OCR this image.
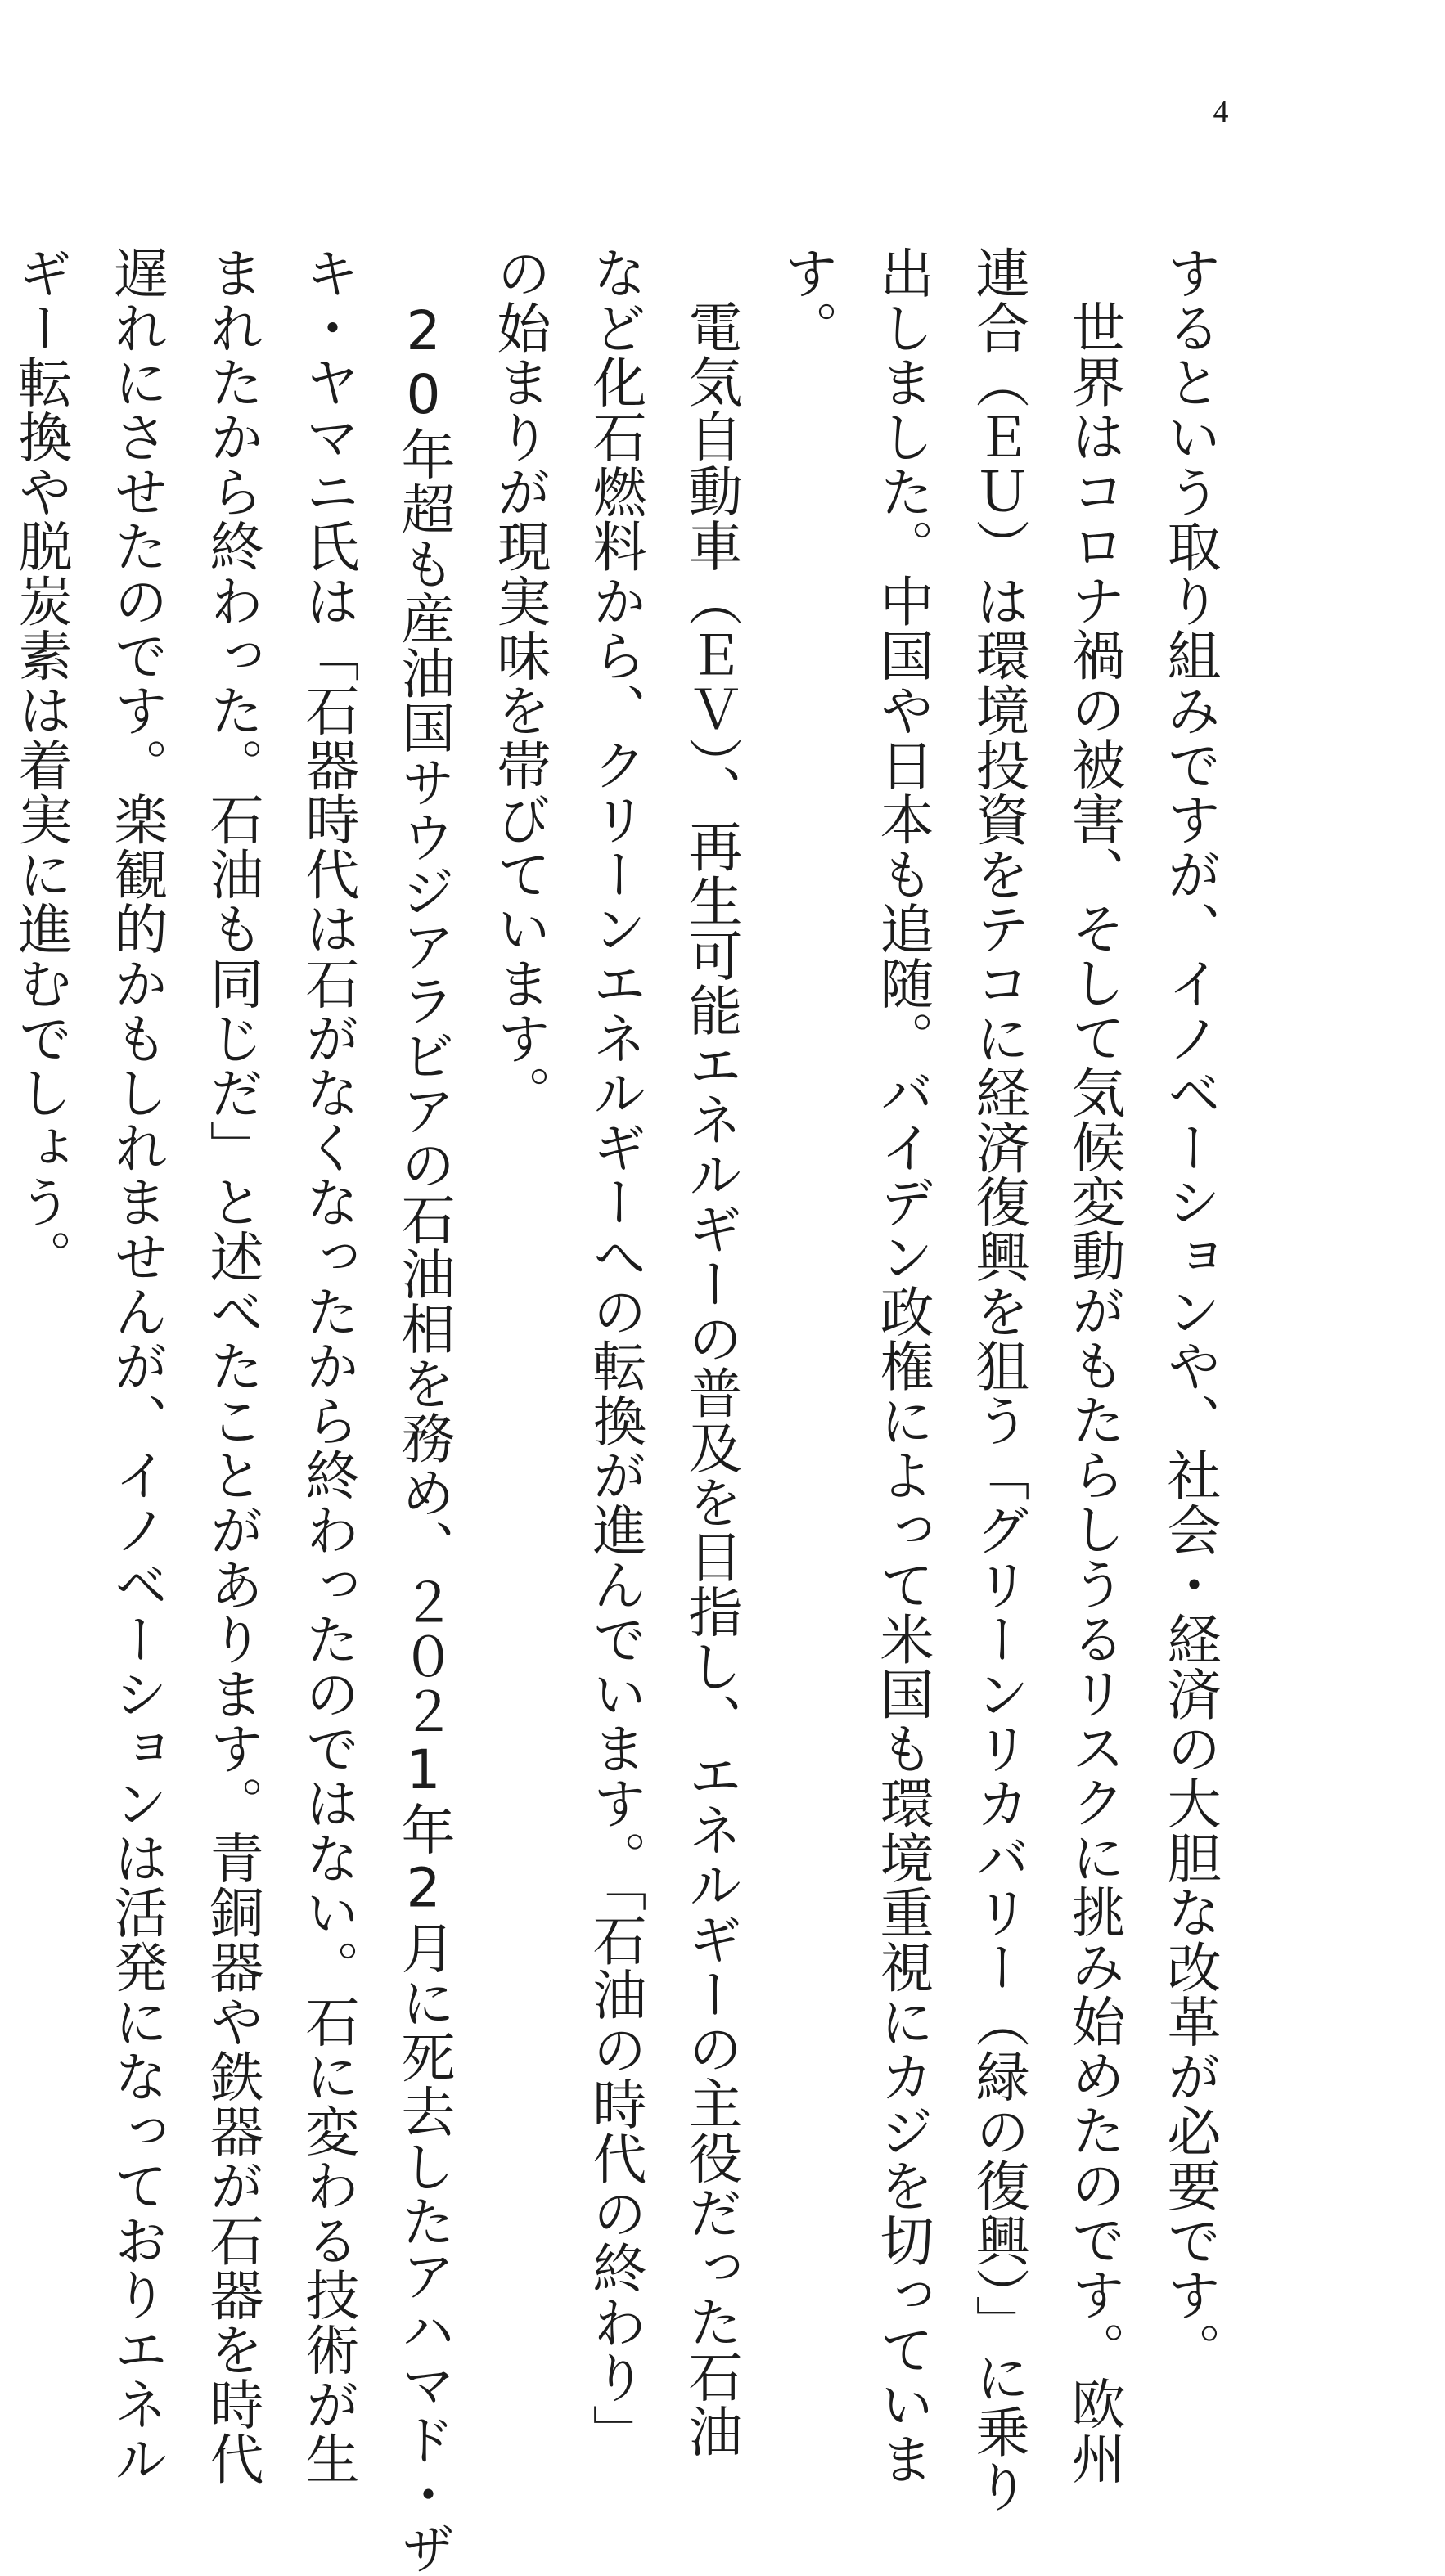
4
するという取り組みですが、イノベーションや、社会・経済の大胆な改革が必要です。
世界はコロナ禍の被害、そして気候変動がもたらしうるリスクに挑み始めたのです。欧州
連合（ＥＵ）は環境投資をテコに経済復興を狙う「グリーンリカバリー（緑の復興）」に乗り
出しました。中国や日本も追随。バイデン政権によって米国も環境重視にカジを切っていま
す。
電気自動車（ＥＶ）、再生可能エネルギーの普及を目指し、エネルギーの主役だった石油
など化石燃料から、クリーンエネルギーへの転換が進んでいます。「石油の時代の終わり」
の始まりが現実味を帯びています。
20年超も産油国サウジアラビアの石油相を務め、２０２1年2月に死去したアハマド・ザ
キ・ヤマニ氏は「石器時代は石がなくなったから終わったのではない。石に変わる技術が生
まれたから終わった。石油も同じだ」と述べたことがあります。青銅器や鉄器が石器を時代
遅れにさせたのです。楽観的かもしれませんが、イノベーションは活発になっておりエネル
ギー転換や脱炭素は着実に進むでしょう。
